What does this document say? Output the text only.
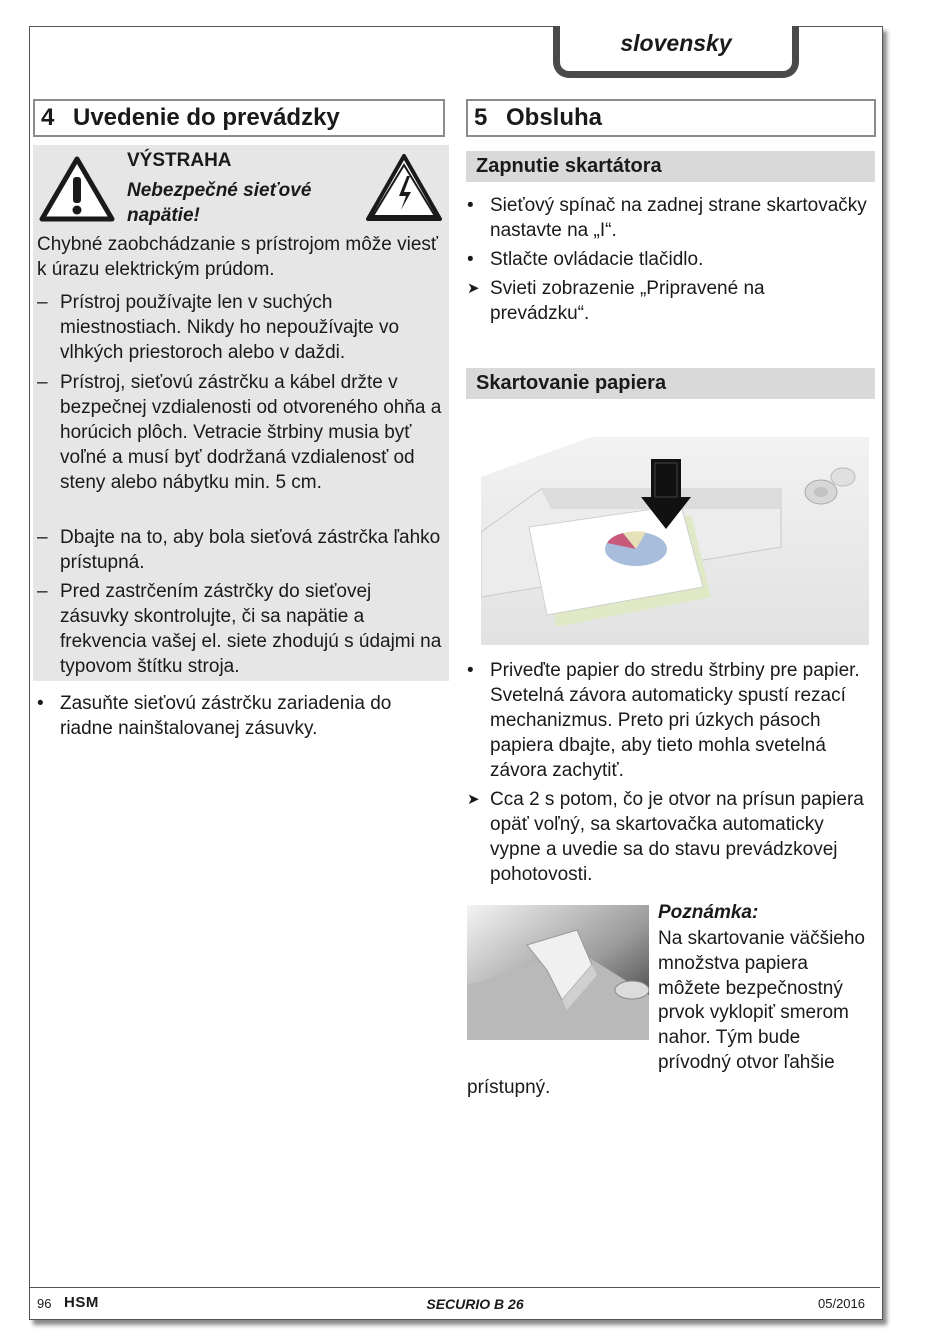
slovensky
4 Uvedenie do prevádzky	5 Obsluha
VÝSTRAHA
Nebezpečné sieťové napätie!
Chybné zaobchádzanie s prístrojom môže viesť k úrazu elektrickým prúdom.
– Prístroj používajte len v suchých miestnostiach. Nikdy ho nepoužívajte vo vlhkých priestoroch alebo v daždi.
– Prístroj, sieťovú zástrčku a kábel držte v bezpečnej vzdialenosti od otvoreného ohňa a horúcich plôch. Vetracie štrbiny musia byť voľné a musí byť dodržaná vzdialenosť od steny alebo nábytku min. 5 cm.
– Dbajte na to, aby bola sieťová zástrčka ľahko prístupná.
– Pred zastrčením zástrčky do sieťovej zásuvky skontrolujte, či sa napätie a frekvencia vašej el. siete zhodujú s údajmi na typovom štítku stroja.
• Zasuňte sieťovú zástrčku zariadenia do riadne nainštalovanej zásuvky.
Zapnutie skartátora
• Sieťový spínač na zadnej strane skartovačky nastavte na „I“.
• Stlačte ovládacie tlačidlo.
➤ Svieti zobrazenie „Pripravené na prevádzku“.
Skartovanie papiera
• Priveďte papier do stredu štrbiny pre papier. Svetelná závora automaticky spustí rezací mechanizmus. Preto pri úzkych pásoch papiera dbajte, aby tieto mohla svetelná závora zachytiť.
➤ Cca 2 s potom, čo je otvor na prísun papiera opäť voľný, sa skartovačka automaticky vypne a uvedie sa do stavu prevádzkovej pohotovosti.
Poznámka:
Na skartovanie väčšieho množstva papiera môžete bezpečnostný prvok vyklopiť smerom nahor. Tým bude prívodný otvor ľahšie prístupný.
96 HSM	SECURIO B 26	05/2016
